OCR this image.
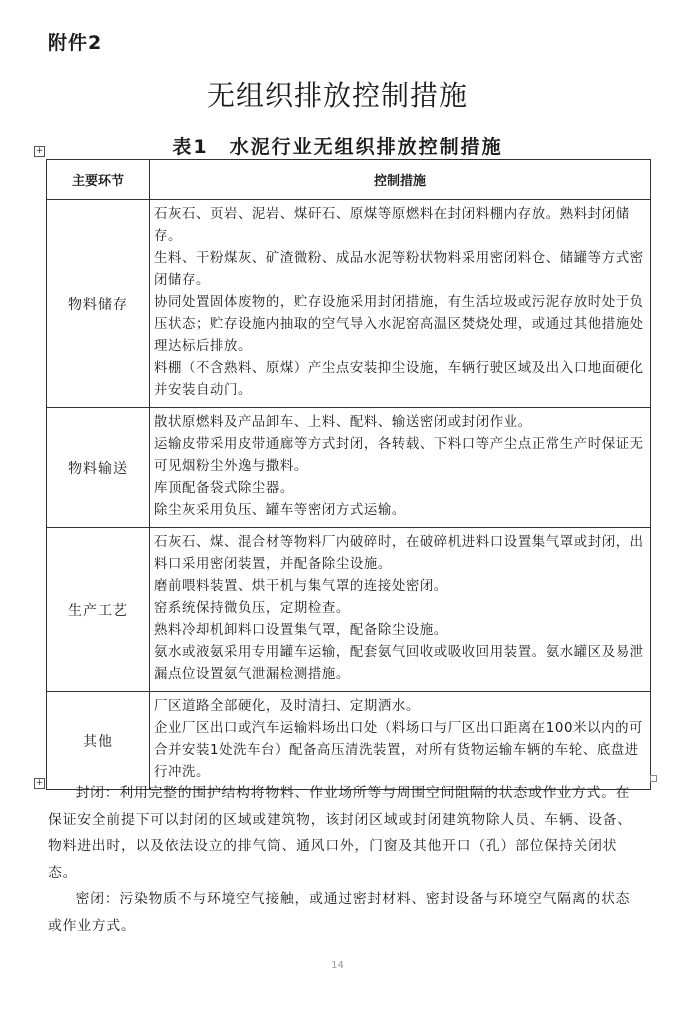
附件2
无组织排放控制措施
表1　水泥行业无组织排放控制措施
+
主要环节	控制措施
物料储存	石灰石、页岩、泥岩、煤矸石、原煤等原燃料在封闭料棚内存放。熟料封闭储存。

生料、干粉煤灰、矿渣微粉、成品水泥等粉状物料采用密闭料仓、储罐等方式密闭储存。

协同处置固体废物的，贮存设施采用封闭措施，有生活垃圾或污泥存放时处于负压状态；贮存设施内抽取的空气导入水泥窑高温区焚烧处理，或通过其他措施处理达标后排放。

料棚（不含熟料、原煤）产尘点安装抑尘设施，车辆行驶区域及出入口地面硬化并安装自动门。

物料输送	散状原燃料及产品卸车、上料、配料、输送密闭或封闭作业。

运输皮带采用皮带通廊等方式封闭，各转载、下料口等产尘点正常生产时保证无可见烟粉尘外逸与撒料。

库顶配备袋式除尘器。

除尘灰采用负压、罐车等密闭方式运输。

生产工艺	石灰石、煤、混合材等物料厂内破碎时，在破碎机进料口设置集气罩或封闭，出料口采用密闭装置，并配备除尘设施。

磨前喂料装置、烘干机与集气罩的连接处密闭。

窑系统保持微负压，定期检查。

熟料冷却机卸料口设置集气罩，配备除尘设施。

氨水或液氨采用专用罐车运输，配套氨气回收或吸收回用装置。氨水罐区及易泄漏点位设置氨气泄漏检测措施。

其他	厂区道路全部硬化，及时清扫、定期洒水。

企业厂区出口或汽车运输料场出口处（料场口与厂区出口距离在100米以内的可合并安装1处洗车台）配备高压清洗装置，对所有货物运输车辆的车轮、底盘进行冲洗。

+

封闭：利用完整的围护结构将物料、作业场所等与周围空间阻隔的状态或作业方式。在保证安全前提下可以封闭的区域或建筑物，该封闭区域或封闭建筑物除人员、车辆、设备、物料进出时，以及依法设立的排气筒、通风口外，门窗及其他开口（孔）部位保持关闭状态。

密闭：污染物质不与环境空气接触，或通过密封材料、密封设备与环境空气隔离的状态或作业方式。

14
